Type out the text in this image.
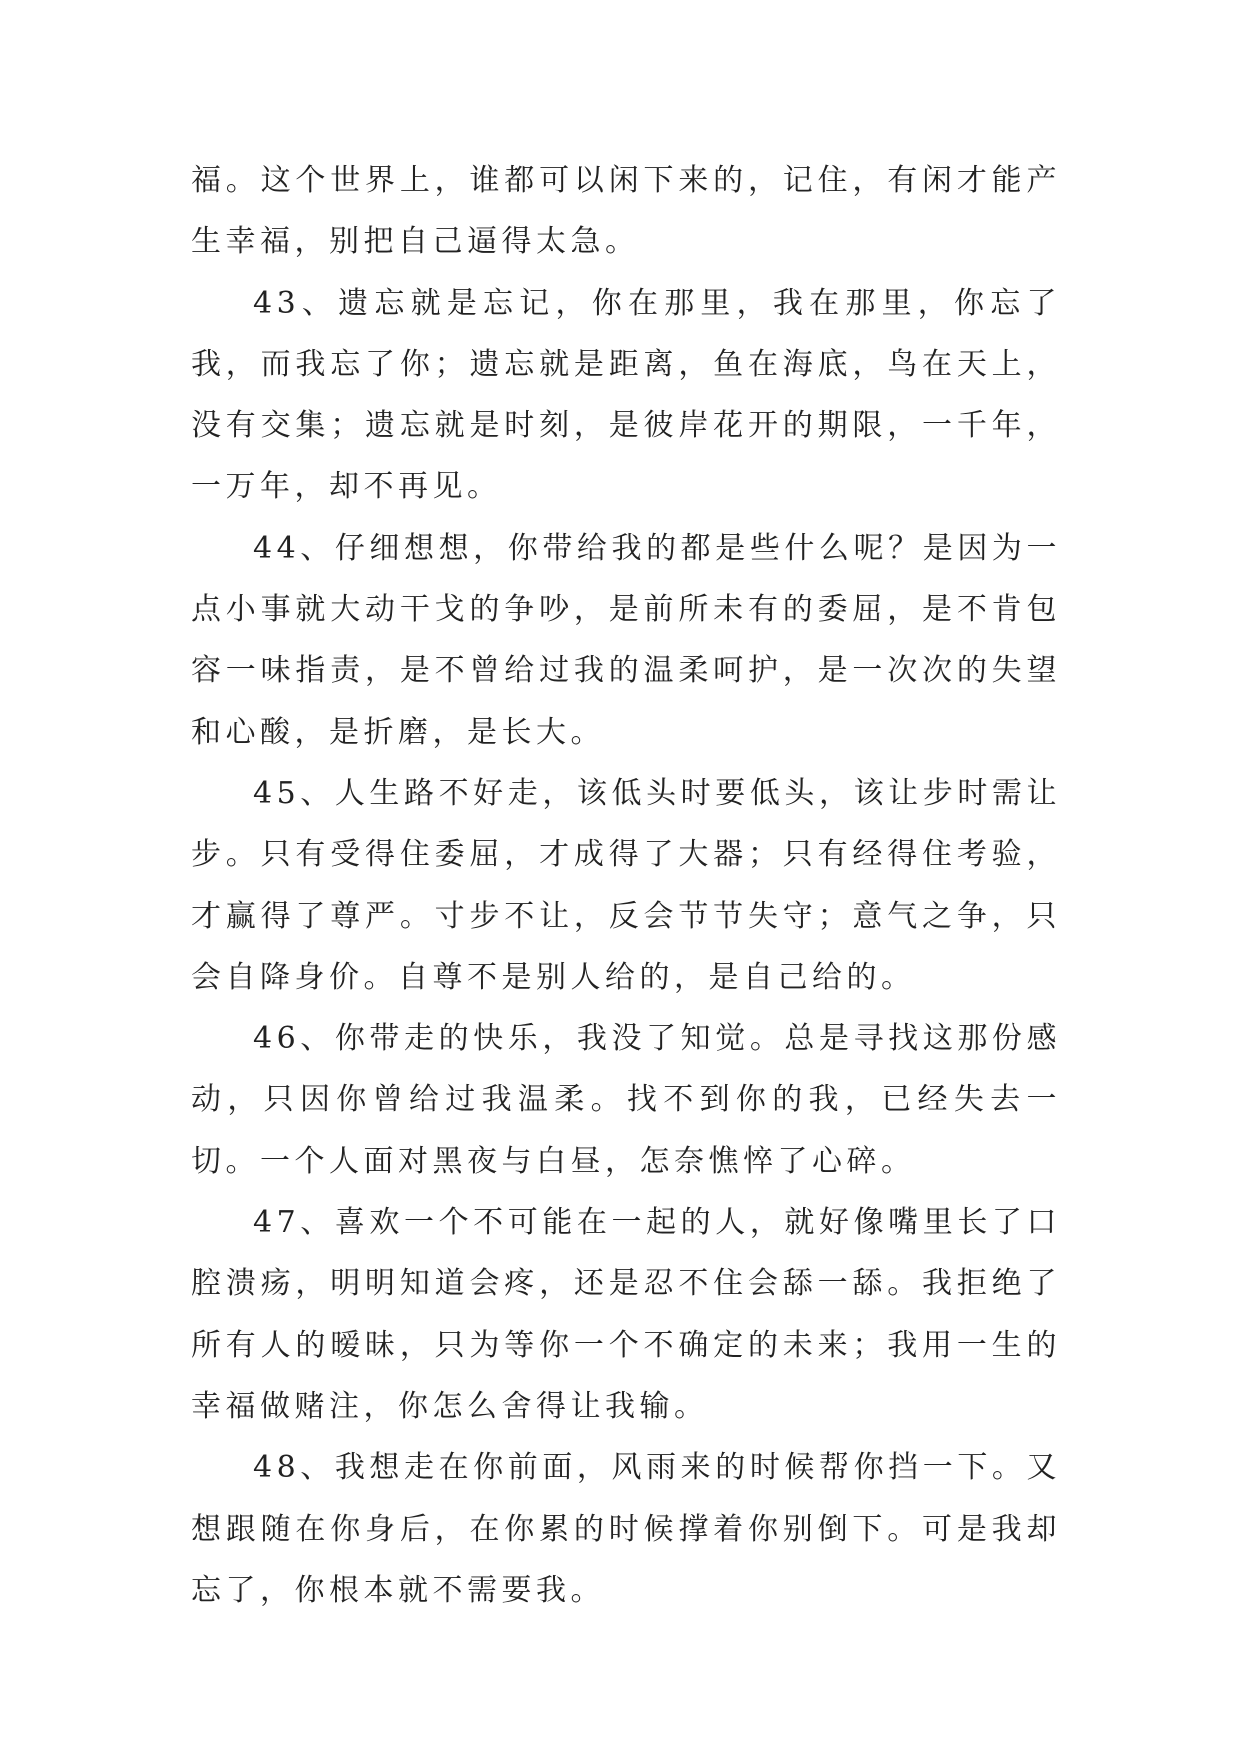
福。这个世界上，谁都可以闲下来的，记住，有闲才能产生幸福，别把自己逼得太急。

43、遗忘就是忘记，你在那里，我在那里，你忘了我，而我忘了你；遗忘就是距离，鱼在海底，鸟在天上，没有交集；遗忘就是时刻，是彼岸花开的期限，一千年，一万年，却不再见。

44、仔细想想，你带给我的都是些什么呢？是因为一点小事就大动干戈的争吵，是前所未有的委屈，是不肯包容一味指责，是不曾给过我的温柔呵护，是一次次的失望和心酸，是折磨，是长大。

45、人生路不好走，该低头时要低头，该让步时需让步。只有受得住委屈，才成得了大器；只有经得住考验，才赢得了尊严。寸步不让，反会节节失守；意气之争，只会自降身价。自尊不是别人给的，是自己给的。

46、你带走的快乐，我没了知觉。总是寻找这那份感动，只因你曾给过我温柔。找不到你的我，已经失去一切。一个人面对黑夜与白昼，怎奈憔悴了心碎。

47、喜欢一个不可能在一起的人，就好像嘴里长了口腔溃疡，明明知道会疼，还是忍不住会舔一舔。我拒绝了所有人的暧昧，只为等你一个不确定的未来；我用一生的幸福做赌注，你怎么舍得让我输。

48、我想走在你前面，风雨来的时候帮你挡一下。又想跟随在你身后，在你累的时候撑着你别倒下。可是我却忘了，你根本就不需要我。
